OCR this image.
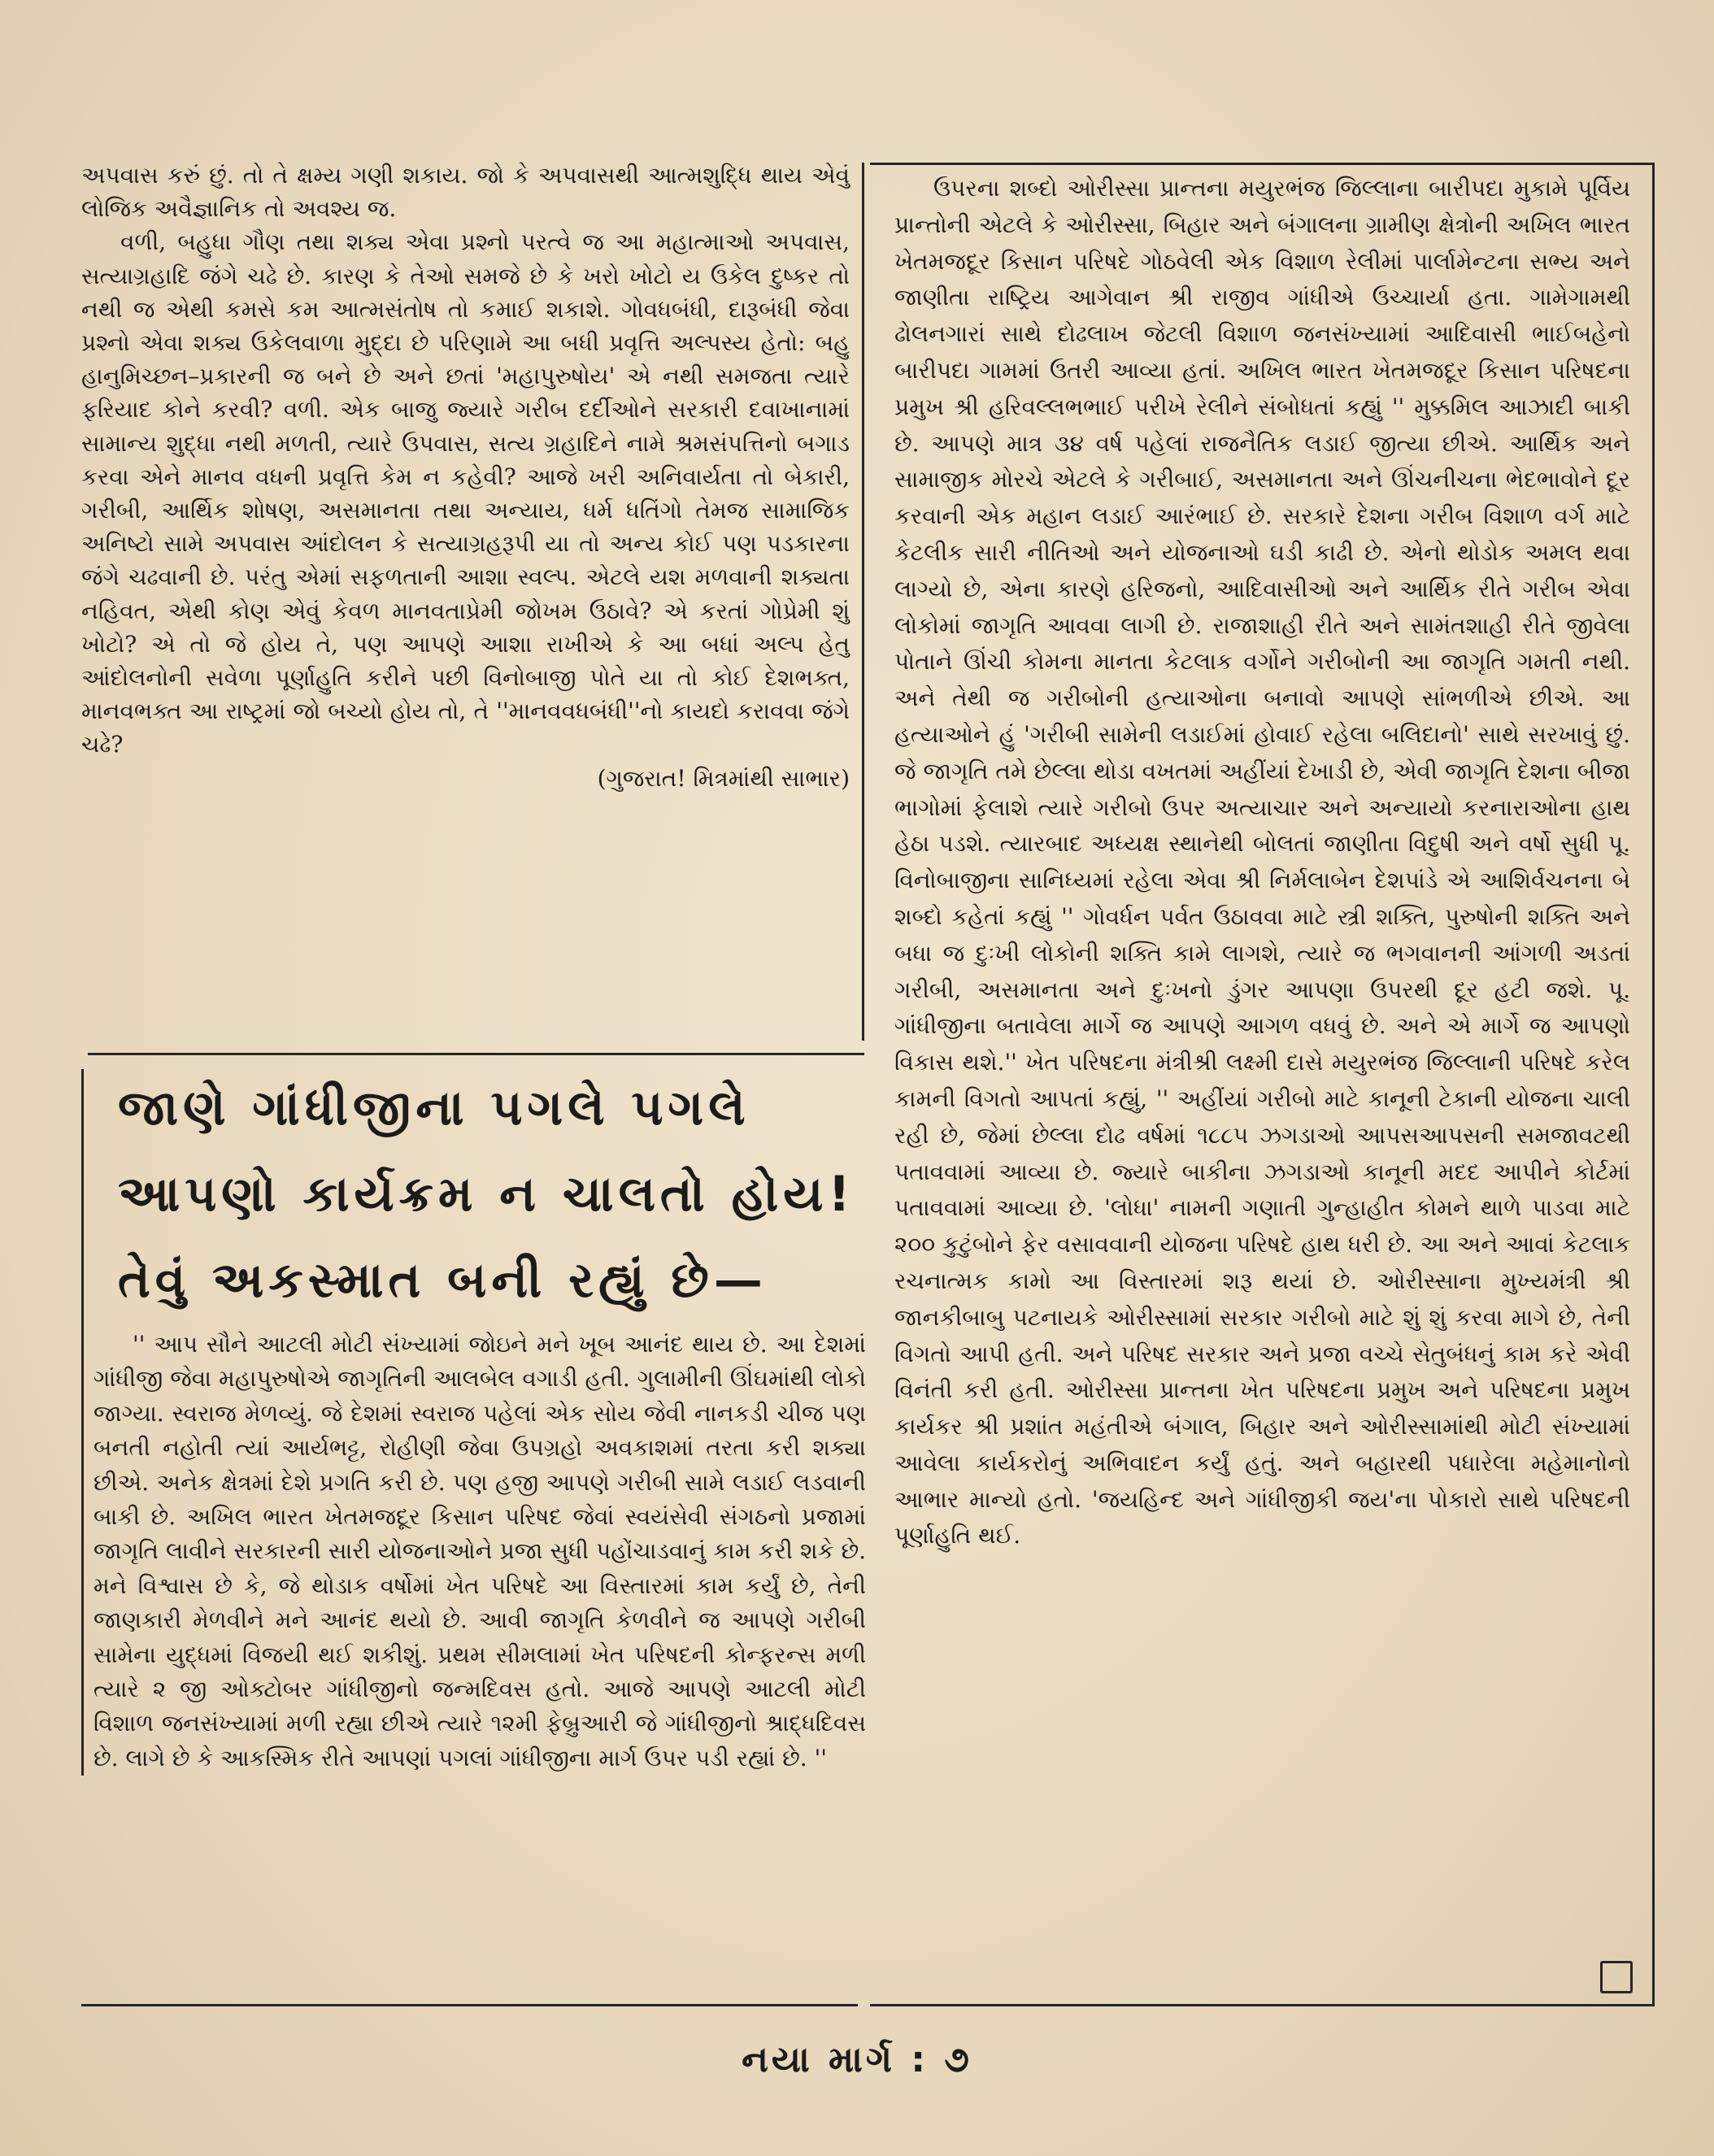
અપવાસ કરું છું. તો તે ક્ષમ્ય ગણી શકાય. જો કે અપવાસથી આત્મશુદ્ધિ થાય એવું લોજિક અવૈજ્ઞાનિક તો અવશ્ય જ.

વળી, બહુધા ગૌણ તથા શક્ય એવા પ્રશ્નો પરત્વે જ આ મહાત્માઓ અપવાસ, સત્યાગ્રહાદિ જંગે ચઢે છે. કારણ કે તેઓ સમજે છે કે ખરો ખોટો ય ઉકેલ દુષ્કર તો નથી જ એથી કમસે કમ આત્મસંતોષ તો કમાઈ શકાશે. ગોવધબંધી, દારૂબંધી જેવા પ્રશ્નો એવા શક્ય ઉકેલવાળા મુદ્દા છે પરિણામે આ બધી પ્રવૃત્તિ અલ્પસ્ય હેતો: બહુ હાનુમિચ્છન–પ્રકારની જ બને છે અને છતાં 'મહાપુરુષોય' એ નથી સમજતા ત્યારે ફરિયાદ કોને કરવી? વળી. એક બાજુ જ્યારે ગરીબ દર્દીઓને સરકારી દવાખાનામાં સામાન્ય શુદ્ધા નથી મળતી, ત્યારે ઉપવાસ, સત્ય ગ્રહાદિને નામે શ્રમસંપત્તિનો બગાડ કરવા એને માનવ વધની પ્રવૃત્તિ કેમ ન કહેવી? આજે ખરી અનિવાર્યતા તો બેકારી, ગરીબી, આર્થિક શોષણ, અસમાનતા તથા અન્યાય, ધર્મ ધતિંગો તેમજ સામાજિક અનિષ્ટો સામે અપવાસ આંદોલન કે સત્યાગ્રહરૂપી યા તો અન્ય કોઈ પણ પડકારના જંગે ચઢવાની છે. પરંતુ એમાં સફળતાની આશા સ્વલ્પ. એટલે યશ મળવાની શક્યતા નહિવત, એથી કોણ એવું કેવળ માનવતાપ્રેમી જોખમ ઉઠાવે? એ કરતાં ગોપ્રેમી શું ખોટો? એ તો જે હોય તે, પણ આપણે આશા રાખીએ કે આ બધાં અલ્પ હેતુ આંદોલનોની સવેળા પૂર્ણાહુતિ કરીને પછી વિનોબાજી પોતે યા તો કોઈ દેશભક્ત, માનવભક્ત આ રાષ્ટ્રમાં જો બચ્યો હોય તો, તે ''માનવવધબંધી''નો કાયદો કરાવવા જંગે ચઢે?

(ગુજરાત! મિત્રમાંથી સાભાર)
જાણે ગાંધીજીના પગલે પગલે
આપણો કાર્યક્રમ ન ચાલતો હોય!
તેવું અકસ્માત બની રહ્યું છે—

'' આપ સૌને આટલી મોટી સંખ્યામાં જોઇને મને ખૂબ આનંદ થાય છે. આ દેશમાં ગાંધીજી જેવા મહાપુરુષોએ જાગૃતિની આલબેલ વગાડી હતી. ગુલામીની ઊંઘમાંથી લોકો જાગ્યા. સ્વરાજ મેળવ્યું. જે દેશમાં સ્વરાજ પહેલાં એક સોય જેવી નાનકડી ચીજ પણ બનતી નહોતી ત્યાં આર્યભટ્ટ, રોહીણી જેવા ઉપગ્રહો અવકાશમાં તરતા કરી શક્યા છીએ. અનેક ક્ષેત્રમાં દેશે પ્રગતિ કરી છે. પણ હજી આપણે ગરીબી સામે લડાઈ લડવાની બાકી છે. અખિલ ભારત ખેતમજદૂર કિસાન પરિષદ જેવાં સ્વયંસેવી સંગઠનો પ્રજામાં જાગૃતિ લાવીને સરકારની સારી યોજનાઓને પ્રજા સુધી પહોંચાડવાનું કામ કરી શકે છે. મને વિશ્વાસ છે કે, જે થોડાક વર્ષોમાં ખેત પરિષદે આ વિસ્તારમાં કામ કર્યું છે, તેની જાણકારી મેળવીને મને આનંદ થયો છે. આવી જાગૃતિ કેળવીને જ આપણે ગરીબી સામેના યુદ્ધમાં વિજયી થઈ શકીશું. પ્રથમ સીમલામાં ખેત પરિષદની કોન્ફરન્સ મળી ત્યારે ૨ જી ઓક્ટોબર ગાંધીજીનો જન્મદિવસ હતો. આજે આપણે આટલી મોટી વિશાળ જનસંખ્યામાં મળી રહ્યા છીએ ત્યારે ૧૨મી ફેબ્રુઆરી જે ગાંધીજીનો શ્રાદ્ધદિવસ છે. લાગે છે કે આકસ્મિક રીતે આપણાં પગલાં ગાંધીજીના માર્ગ ઉપર પડી રહ્યાં છે. ''

ઉપરના શબ્દો ઓરીસ્સા પ્રાન્તના મયુરભંજ જિલ્લાના બારીપદા મુકામે પૂર્વિય પ્રાન્તોની એટલે કે ઓરીસ્સા, બિહાર અને બંગાલના ગ્રામીણ ક્ષેત્રોની અખિલ ભારત ખેતમજદૂર કિસાન પરિષદે ગોઠવેલી એક વિશાળ રેલીમાં પાર્લામેન્ટના સભ્ય અને જાણીતા રાષ્ટ્રિય આગેવાન શ્રી રાજીવ ગાંધીએ ઉચ્ચાર્યા હતા. ગામેગામથી ઢોલનગારાં સાથે દોઢલાખ જેટલી વિશાળ જનસંખ્યામાં આદિવાસી ભાઈબહેનો બારીપદા ગામમાં ઉતરી આવ્યા હતાં. અખિલ ભારત ખેતમજદૂર કિસાન પરિષદના પ્રમુખ શ્રી હરિવલ્લભભાઈ પરીખે રેલીને સંબોધતાં કહ્યું '' મુક્કમિલ આઝાદી બાકી છે. આપણે માત્ર ૩૪ વર્ષ પહેલાં રાજનૈતિક લડાઈ જીત્યા છીએ. આર્થિક અને સામાજીક મોરચે એટલે કે ગરીબાઈ, અસમાનતા અને ઊંચનીચના ભેદભાવોને દૂર કરવાની એક મહાન લડાઈ આરંભાઈ છે. સરકારે દેશના ગરીબ વિશાળ વર્ગ માટે કેટલીક સારી નીતિઓ અને યોજનાઓ ઘડી કાઢી છે. એનો થોડોક અમલ થવા લાગ્યો છે, એના કારણે હરિજનો, આદિવાસીઓ અને આર્થિક રીતે ગરીબ એવા લોકોમાં જાગૃતિ આવવા લાગી છે. રાજાશાહી રીતે અને સામંતશાહી રીતે જીવેલા પોતાને ઊંચી કોમના માનતા કેટલાક વર્ગોને ગરીબોની આ જાગૃતિ ગમતી નથી. અને તેથી જ ગરીબોની હત્યાઓના બનાવો આપણે સાંભળીએ છીએ. આ હત્યાઓને હું 'ગરીબી સામેની લડાઈમાં હોવાઈ રહેલા બલિદાનો' સાથે સરખાવું છું. જે જાગૃતિ તમે છેલ્લા થોડા વખતમાં અહીંયાં દેખાડી છે, એવી જાગૃતિ દેશના બીજા ભાગોમાં ફેલાશે ત્યારે ગરીબો ઉપર અત્યાચાર અને અન્યાયો કરનારાઓના હાથ હેઠા પડશે. ત્યારબાદ અધ્યક્ષ સ્થાનેથી બોલતાં જાણીતા વિદુષી અને વર્ષો સુધી પૂ. વિનોબાજીના સાનિધ્યમાં રહેલા એવા શ્રી નિર્મલાબેન દેશપાંડે એ આશિર્વચનના બે શબ્દો કહેતાં કહ્યું '' ગોવર્ધન પર્વત ઉઠાવવા માટે સ્ત્રી શક્તિ, પુરુષોની શક્તિ અને બધા જ દુઃખી લોકોની શક્તિ કામે લાગશે, ત્યારે જ ભગવાનની આંગળી અડતાં ગરીબી, અસમાનતા અને દુઃખનો ડુંગર આપણા ઉપરથી દૂર હટી જશે. પૂ. ગાંધીજીના બતાવેલા માર્ગે જ આપણે આગળ વધવું છે. અને એ માર્ગે જ આપણો વિકાસ થશે.'' ખેત પરિષદના મંત્રીશ્રી લક્ષ્મી દાસે મયુરભંજ જિલ્લાની પરિષદે કરેલ કામની વિગતો આપતાં કહ્યું, '' અહીંયાં ગરીબો માટે કાનૂની ટેકાની યોજના ચાલી રહી છે, જેમાં છેલ્લા દોઢ વર્ષમાં ૧૮૮૫ ઝગડાઓ આપસઆપસની સમજાવટથી પતાવવામાં આવ્યા છે. જ્યારે બાકીના ઝગડાઓ કાનૂની મદદ આપીને કોર્ટમાં પતાવવામાં આવ્યા છે. 'લોધા' નામની ગણાતી ગુન્હાહીત કોમને થાળે પાડવા માટે ૨૦૦ કુટુંબોને ફેર વસાવવાની યોજના પરિષદે હાથ ધરી છે. આ અને આવાં કેટલાક રચનાત્મક કામો આ વિસ્તારમાં શરૂ થયાં છે. ઓરીસ્સાના મુખ્યમંત્રી શ્રી જાનકીબાબુ પટનાયકે ઓરીસ્સામાં સરકાર ગરીબો માટે શું શું કરવા માગે છે, તેની વિગતો આપી હતી. અને પરિષદ સરકાર અને પ્રજા વચ્ચે સેતુબંધનું કામ કરે એવી વિનંતી કરી હતી. ઓરીસ્સા પ્રાન્તના ખેત પરિષદના પ્રમુખ અને પરિષદના પ્રમુખ કાર્યકર શ્રી પ્રશાંત મહંતીએ બંગાલ, બિહાર અને ઓરીસ્સામાંથી મોટી સંખ્યામાં આવેલા કાર્યકરોનું અભિવાદન કર્યું હતું. અને બહારથી પધારેલા મહેમાનોનો આભાર માન્યો હતો. 'જયહિન્દ અને ગાંધીજીકી જય'ના પોકારો સાથે પરિષદની પૂર્ણાહુતિ થઈ.

નયા માર્ગ : ૭
